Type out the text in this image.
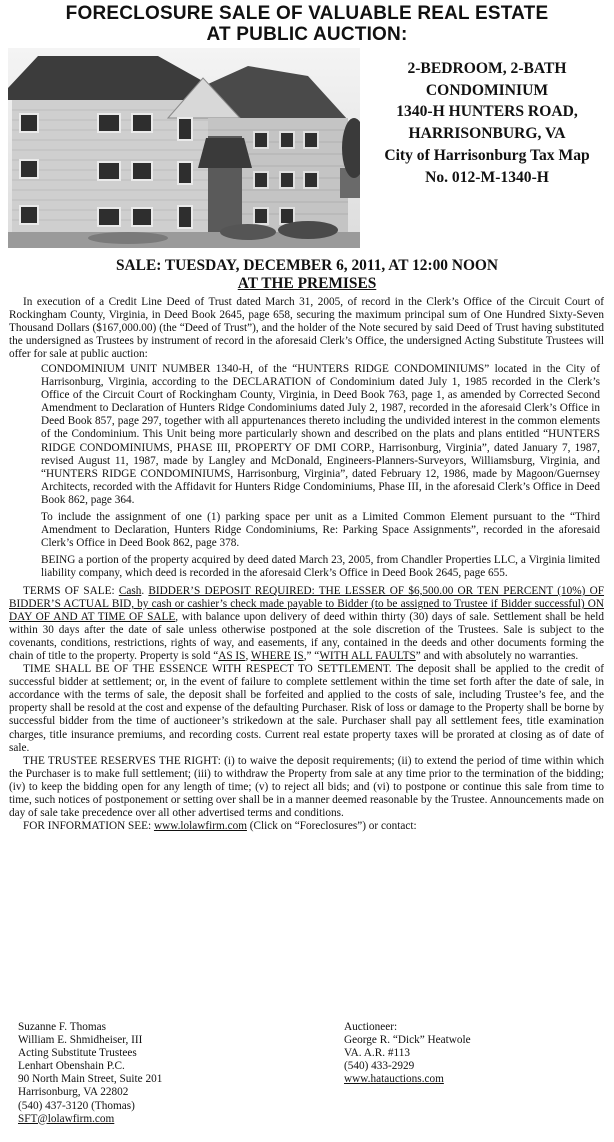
FORECLOSURE SALE OF VALUABLE REAL ESTATE
AT PUBLIC AUCTION:
2-BEDROOM, 2-BATH
CONDOMINIUM
1340-H HUNTERS ROAD,
HARRISONBURG, VA
City of Harrisonburg Tax Map
No. 012-M-1340-H
SALE: TUESDAY, DECEMBER 6, 2011, AT 12:00 NOON
AT THE PREMISES

In execution of a Credit Line Deed of Trust dated March 31, 2005, of record in the Clerk’s Office of the Circuit Court of Rockingham County, Virginia, in Deed Book 2645, page 658, securing the maximum principal sum of One Hundred Sixty-Seven Thousand Dollars ($167,000.00) (the “Deed of Trust”), and the holder of the Note secured by said Deed of Trust having substituted the undersigned as Trustees by instrument of record in the aforesaid Clerk’s Office, the undersigned Acting Substitute Trustees will offer for sale at public auction:

CONDOMINIUM UNIT NUMBER 1340-H, of the “HUNTERS RIDGE CONDOMINIUMS” located in the City of Harrisonburg, Virginia, according to the DECLARATION of Condominium dated July 1, 1985 recorded in the Clerk’s Office of the Circuit Court of Rockingham County, Virginia, in Deed Book 763, page 1, as amended by Corrected Second Amendment to Declaration of Hunters Ridge Condominiums dated July 2, 1987, recorded in the aforesaid Clerk’s Office in Deed Book 857, page 297, together with all appurtenances thereto including the undivided interest in the common elements of the Condominium. This Unit being more particularly shown and described on the plats and plans entitled “HUNTERS RIDGE CONDOMINIUMS, PHASE III, PROPERTY OF DMI CORP., Harrisonburg, Virginia”, dated January 7, 1987, revised August 11, 1987, made by Langley and McDonald, Engineers-Planners-Surveyors, Williamsburg, Virginia, and “HUNTERS RIDGE CONDOMINIUMS, Harrisonburg, Virginia”, dated February 12, 1986, made by Magoon/Guernsey Architects, recorded with the Affidavit for Hunters Ridge Condominiums, Phase III, in the aforesaid Clerk’s Office in Deed Book 862, page 364.

To include the assignment of one (1) parking space per unit as a Limited Common Element pursuant to the “Third Amendment to Declaration, Hunters Ridge Condominiums, Re: Parking Space Assignments”, recorded in the aforesaid Clerk’s Office in Deed Book 862, page 378.

BEING a portion of the property acquired by deed dated March 23, 2005, from Chandler Properties LLC, a Virginia limited liability company, which deed is recorded in the aforesaid Clerk’s Office in Deed Book 2645, page 655.

TERMS OF SALE: Cash. BIDDER’S DEPOSIT REQUIRED: THE LESSER OF $6,500.00 OR TEN PERCENT (10%) OF BIDDER’S ACTUAL BID, by cash or cashier’s check made payable to Bidder (to be assigned to Trustee if Bidder successful) ON DAY OF AND AT TIME OF SALE, with balance upon delivery of deed within thirty (30) days of sale. Settlement shall be held within 30 days after the date of sale unless otherwise postponed at the sole discretion of the Trustees. Sale is subject to the covenants, conditions, restrictions, rights of way, and easements, if any, contained in the deeds and other documents forming the chain of title to the property. Property is sold “AS IS, WHERE IS,” “WITH ALL FAULTS” and with absolutely no warranties.

TIME SHALL BE OF THE ESSENCE WITH RESPECT TO SETTLEMENT. The deposit shall be applied to the credit of successful bidder at settlement; or, in the event of failure to complete settlement within the time set forth after the date of sale, in accordance with the terms of sale, the deposit shall be forfeited and applied to the costs of sale, including Trustee’s fee, and the property shall be resold at the cost and expense of the defaulting Purchaser. Risk of loss or damage to the Property shall be borne by successful bidder from the time of auctioneer’s strikedown at the sale. Purchaser shall pay all settlement fees, title examination charges, title insurance premiums, and recording costs. Current real estate property taxes will be prorated at closing as of date of sale.

THE TRUSTEE RESERVES THE RIGHT: (i) to waive the deposit requirements; (ii) to extend the period of time within which the Purchaser is to make full settlement; (iii) to withdraw the Property from sale at any time prior to the termination of the bidding; (iv) to keep the bidding open for any length of time; (v) to reject all bids; and (vi) to postpone or continue this sale from time to time, such notices of postponement or setting over shall be in a manner deemed reasonable by the Trustee. Announcements made on day of sale take precedence over all other advertised terms and conditions.

FOR INFORMATION SEE: www.lolawfirm.com (Click on “Foreclosures”) or contact:

Suzanne F. Thomas
William E. Shmidheiser, III
Acting Substitute Trustees
Lenhart Obenshain P.C.
90 North Main Street, Suite 201
Harrisonburg, VA 22802
(540) 437-3120 (Thomas)
SFT@lolawfirm.com
Auctioneer:
George R. “Dick” Heatwole
VA. A.R. #113
(540) 433-2929
www.hatauctions.com
